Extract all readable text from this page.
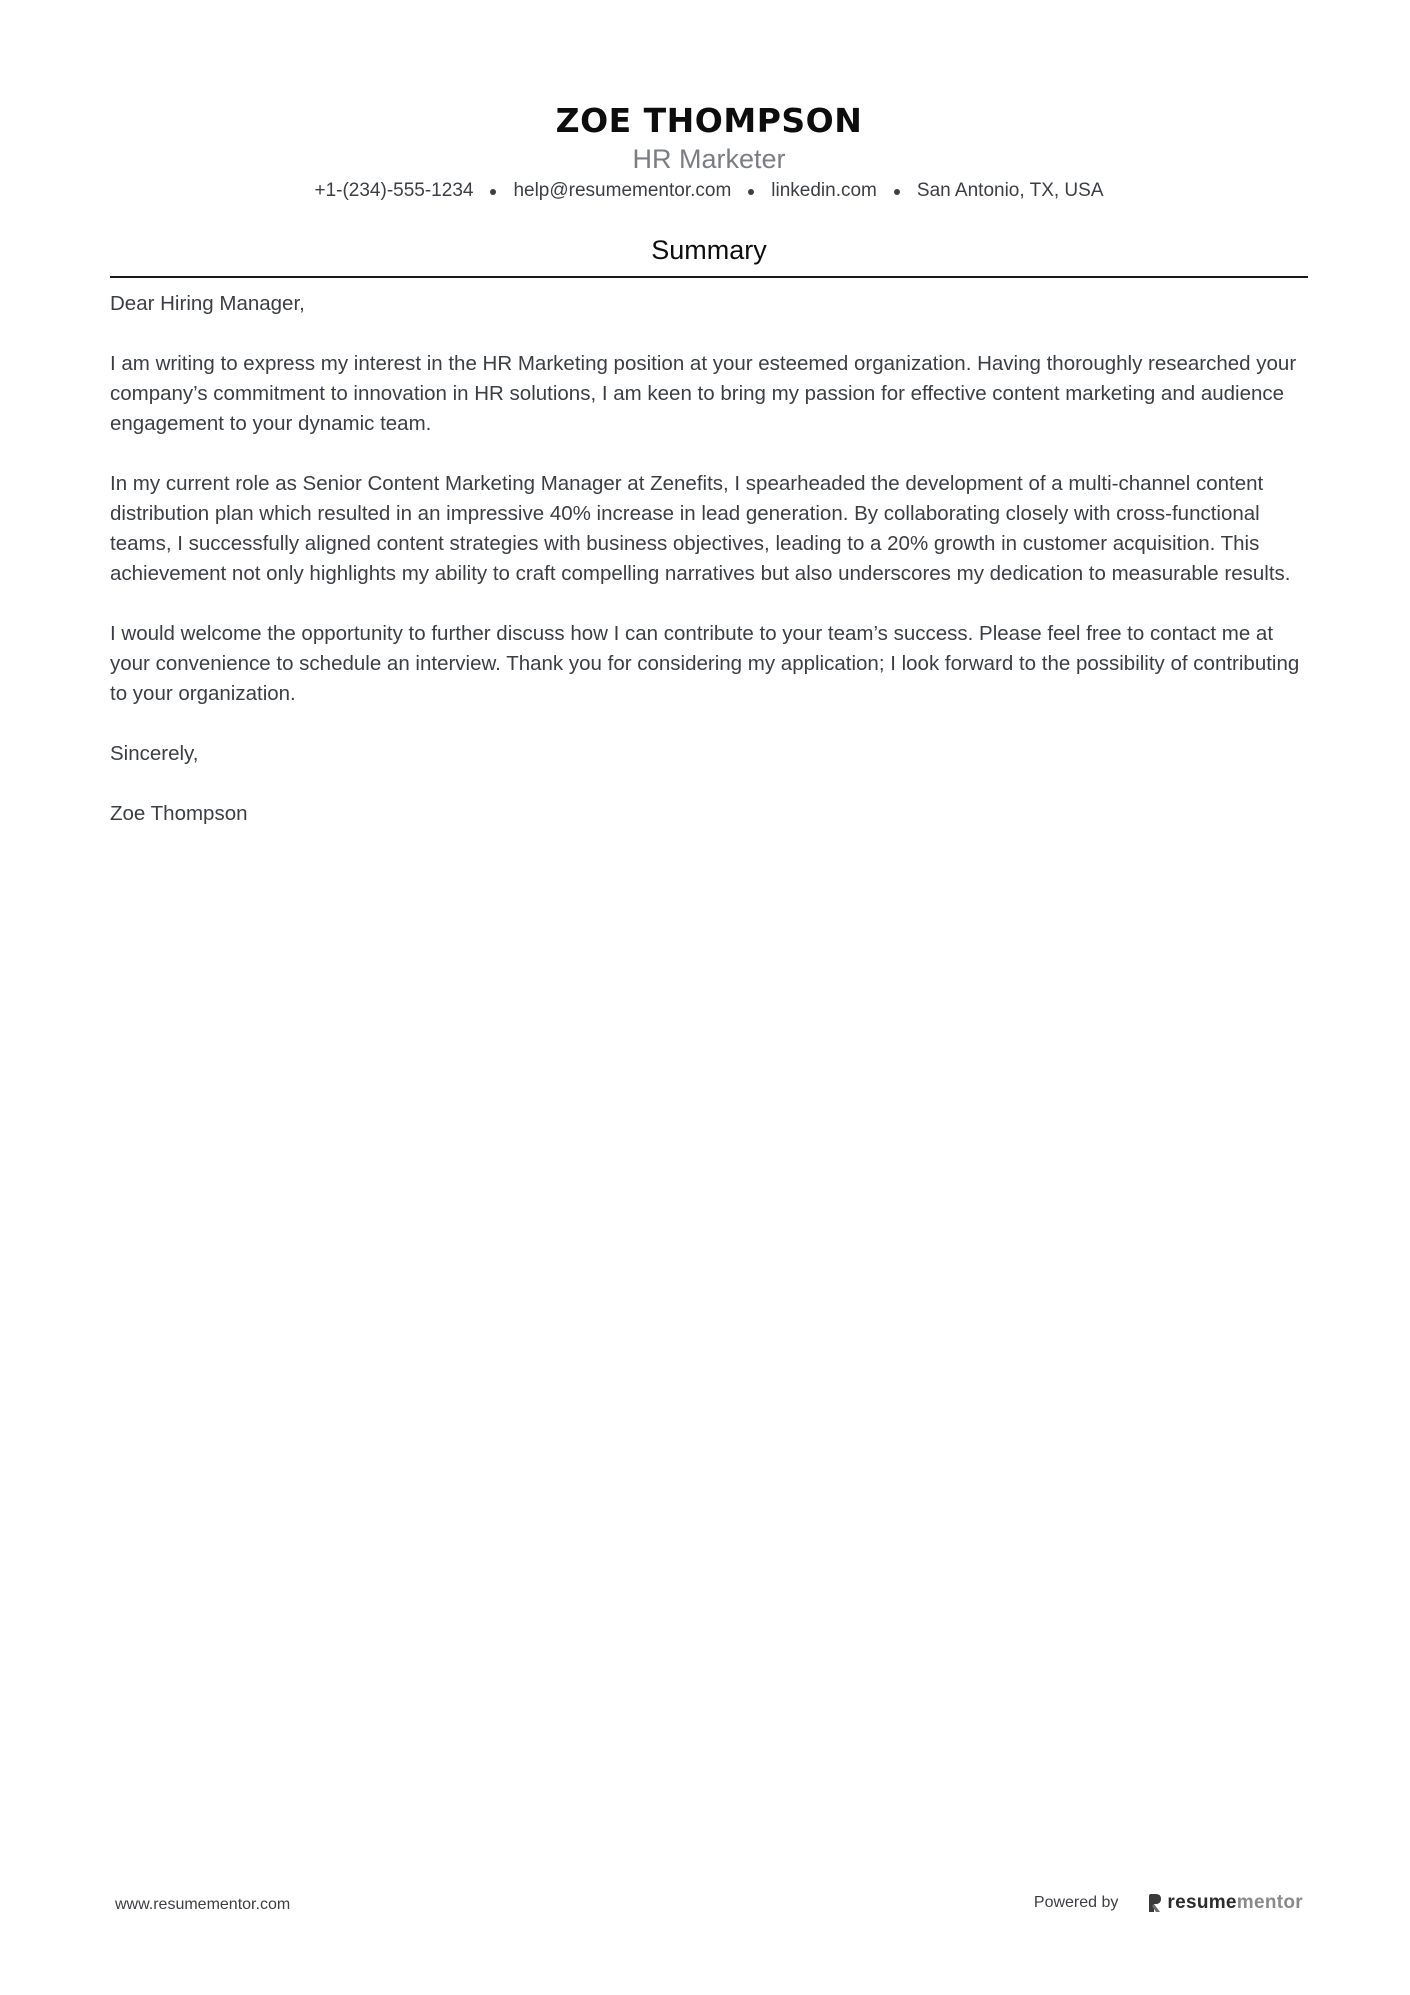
ZOE THOMPSON
HR Marketer
+1-(234)-555-1234 help@resumementor.com linkedin.com San Antonio, TX, USA
Summary

Dear Hiring Manager,

I am writing to express my interest in the HR Marketing position at your esteemed organization. Having thoroughly researched your company’s commitment to innovation in HR solutions, I am keen to bring my passion for effective content marketing and audience engagement to your dynamic team.

In my current role as Senior Content Marketing Manager at Zenefits, I spearheaded the development of a multi-channel content distribution plan which resulted in an impressive 40% increase in lead generation. By collaborating closely with cross-functional teams, I successfully aligned content strategies with business objectives, leading to a 20% growth in customer acquisition. This achievement not only highlights my ability to craft compelling narratives but also underscores my dedication to measurable results.

I would welcome the opportunity to further discuss how I can contribute to your team’s success. Please feel free to contact me at your convenience to schedule an interview. Thank you for considering my application; I look forward to the possibility of contributing to your organization.

Sincerely,

Zoe Thompson

www.resumementor.com	Powered by	resume mentor
